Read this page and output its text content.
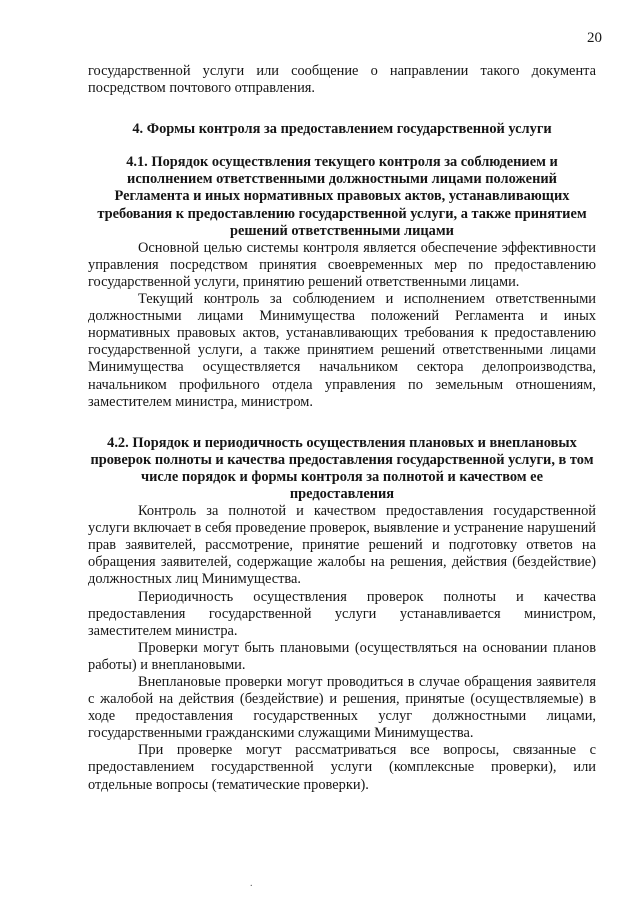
20

государственной услуги или сообщение о направлении такого документа посредством почтового отправления.

4. Формы контроля за предоставлением государственной услуги
4.1. Порядок осуществления текущего контроля за соблюдением и исполнением ответственными должностными лицами положений Регламента и иных нормативных правовых актов, устанавливающих требования к предоставлению государственной услуги, а также принятием решений ответственными лицами

Основной целью системы контроля является обеспечение эффективности управления посредством принятия своевременных мер по предоставлению государственной услуги, принятию решений ответственными лицами.

Текущий контроль за соблюдением и исполнением ответственными должностными лицами Минимущества положений Регламента и иных нормативных правовых актов, устанавливающих требования к предоставлению государственной услуги, а также принятием решений ответственными лицами Минимущества осуществляется начальником сектора делопроизводства, начальником профильного отдела управления по земельным отношениям, заместителем министра, министром.

4.2. Порядок и периодичность осуществления плановых и внеплановых проверок полноты и качества предоставления государственной услуги, в том числе порядок и формы контроля за полнотой и качеством ее предоставления

Контроль за полнотой и качеством предоставления государственной услуги включает в себя проведение проверок, выявление и устранение нарушений прав заявителей, рассмотрение, принятие решений и подготовку ответов на обращения заявителей, содержащие жалобы на решения, действия (бездействие) должностных лиц Минимущества.

Периодичность осуществления проверок полноты и качества предоставления государственной услуги устанавливается министром, заместителем министра.

Проверки могут быть плановыми (осуществляться на основании планов работы) и внеплановыми.

Внеплановые проверки могут проводиться в случае обращения заявителя с жалобой на действия (бездействие) и решения, принятые (осуществляемые) в ходе предоставления государственных услуг должностными лицами, государственными гражданскими служащими Минимущества.

При проверке могут рассматриваться все вопросы, связанные с предоставлением государственной услуги (комплексные проверки), или отдельные вопросы (тематические проверки).

.
